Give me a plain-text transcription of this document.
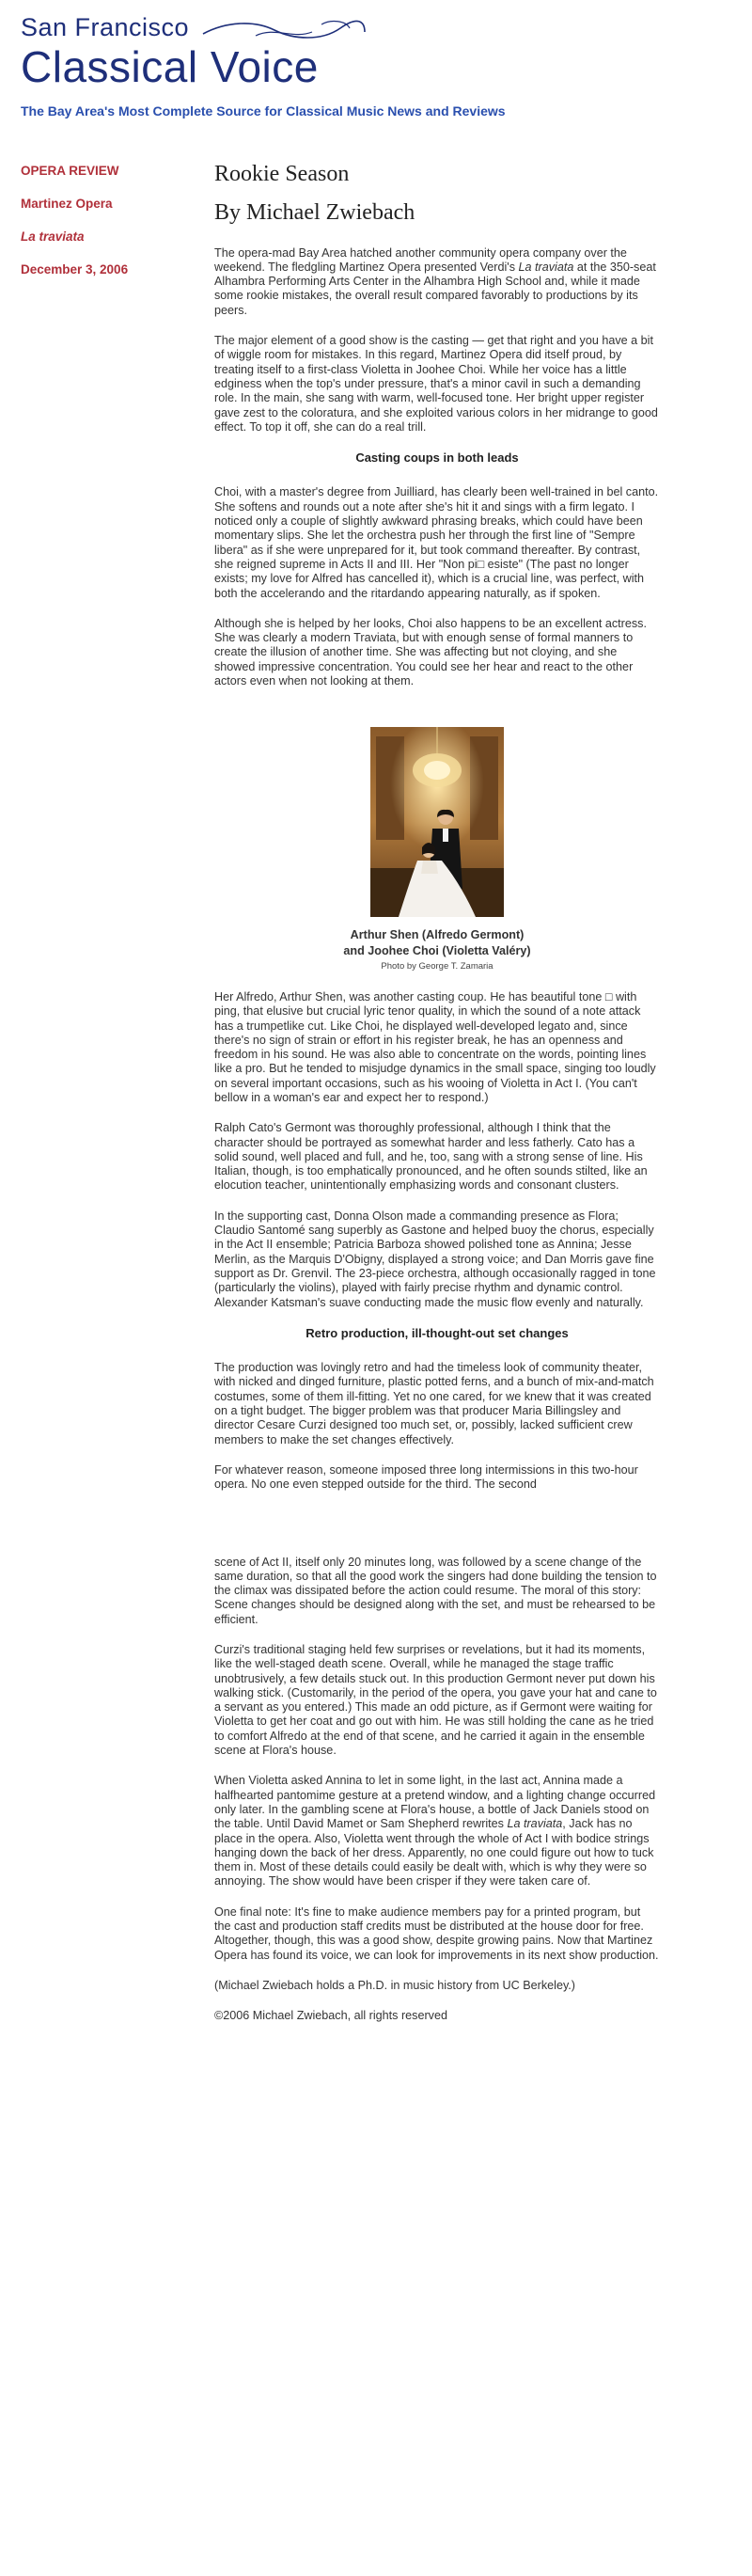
San Francisco
Classical Voice
The Bay Area's Most Complete Source for Classical Music News and Reviews
OPERA REVIEW
Martinez Opera
La traviata
December 3, 2006
Rookie Season
By Michael Zwiebach

The opera-mad Bay Area hatched another community opera company over the weekend. The fledgling Martinez Opera presented Verdi's La traviata at the 350-seat Alhambra Performing Arts Center in the Alhambra High School and, while it made some rookie mistakes, the overall result compared favorably to productions by its peers.

The major element of a good show is the casting — get that right and you have a bit of wiggle room for mistakes. In this regard, Martinez Opera did itself proud, by treating itself to a first-class Violetta in Joohee Choi. While her voice has a little edginess when the top's under pressure, that's a minor cavil in such a demanding role. In the main, she sang with warm, well-focused tone. Her bright upper register gave zest to the coloratura, and she exploited various colors in her midrange to good effect. To top it off, she can do a real trill.

Casting coups in both leads

Choi, with a master's degree from Juilliard, has clearly been well-trained in bel canto. She softens and rounds out a note after she's hit it and sings with a firm legato. I noticed only a couple of slightly awkward phrasing breaks, which could have been momentary slips. She let the orchestra push her through the first line of "Sempre libera" as if she were unprepared for it, but took command thereafter. By contrast, she reigned supreme in Acts II and III. Her "Non pi□ esiste" (The past no longer exists; my love for Alfred has cancelled it), which is a crucial line, was perfect, with both the accelerando and the ritardando appearing naturally, as if spoken.

Although she is helped by her looks, Choi also happens to be an excellent actress. She was clearly a modern Traviata, but with enough sense of formal manners to create the illusion of another time. She was affecting but not cloying, and she showed impressive concentration. You could see her hear and react to the other actors even when not looking at them.

Arthur Shen (Alfredo Germont)
and Joohee Choi (Violetta Valéry)
Photo by George T. Zamaria

Her Alfredo, Arthur Shen, was another casting coup. He has beautiful tone □ with ping, that elusive but crucial lyric tenor quality, in which the sound of a note attack has a trumpetlike cut. Like Choi, he displayed well-developed legato and, since there's no sign of strain or effort in his register break, he has an openness and freedom in his sound. He was also able to concentrate on the words, pointing lines like a pro. But he tended to misjudge dynamics in the small space, singing too loudly on several important occasions, such as his wooing of Violetta in Act I. (You can't bellow in a woman's ear and expect her to respond.)

Ralph Cato's Germont was thoroughly professional, although I think that the character should be portrayed as somewhat harder and less fatherly. Cato has a solid sound, well placed and full, and he, too, sang with a strong sense of line. His Italian, though, is too emphatically pronounced, and he often sounds stilted, like an elocution teacher, unintentionally emphasizing words and consonant clusters.

In the supporting cast, Donna Olson made a commanding presence as Flora; Claudio Santomé sang superbly as Gastone and helped buoy the chorus, especially in the Act II ensemble; Patricia Barboza showed polished tone as Annina; Jesse Merlin, as the Marquis D'Obigny, displayed a strong voice; and Dan Morris gave fine support as Dr. Grenvil. The 23-piece orchestra, although occasionally ragged in tone (particularly the violins), played with fairly precise rhythm and dynamic control. Alexander Katsman's suave conducting made the music flow evenly and naturally.

Retro production, ill-thought-out set changes

The production was lovingly retro and had the timeless look of community theater, with nicked and dinged furniture, plastic potted ferns, and a bunch of mix-and-match costumes, some of them ill-fitting. Yet no one cared, for we knew that it was created on a tight budget. The bigger problem was that producer Maria Billingsley and director Cesare Curzi designed too much set, or, possibly, lacked sufficient crew members to make the set changes effectively.

For whatever reason, someone imposed three long intermissions in this two-hour opera. No one even stepped outside for the third. The second

scene of Act II, itself only 20 minutes long, was followed by a scene change of the same duration, so that all the good work the singers had done building the tension to the climax was dissipated before the action could resume. The moral of this story: Scene changes should be designed along with the set, and must be rehearsed to be efficient.

Curzi's traditional staging held few surprises or revelations, but it had its moments, like the well-staged death scene. Overall, while he managed the stage traffic unobtrusively, a few details stuck out. In this production Germont never put down his walking stick. (Customarily, in the period of the opera, you gave your hat and cane to a servant as you entered.) This made an odd picture, as if Germont were waiting for Violetta to get her coat and go out with him. He was still holding the cane as he tried to comfort Alfredo at the end of that scene, and he carried it again in the ensemble scene at Flora's house.

When Violetta asked Annina to let in some light, in the last act, Annina made a halfhearted pantomime gesture at a pretend window, and a lighting change occurred only later. In the gambling scene at Flora's house, a bottle of Jack Daniels stood on the table. Until David Mamet or Sam Shepherd rewrites La traviata, Jack has no place in the opera. Also, Violetta went through the whole of Act I with bodice strings hanging down the back of her dress. Apparently, no one could figure out how to tuck them in. Most of these details could easily be dealt with, which is why they were so annoying. The show would have been crisper if they were taken care of.

One final note: It's fine to make audience members pay for a printed program, but the cast and production staff credits must be distributed at the house door for free. Altogether, though, this was a good show, despite growing pains. Now that Martinez Opera has found its voice, we can look for improvements in its next show production.

(Michael Zwiebach holds a Ph.D. in music history from UC Berkeley.)

©2006 Michael Zwiebach, all rights reserved
